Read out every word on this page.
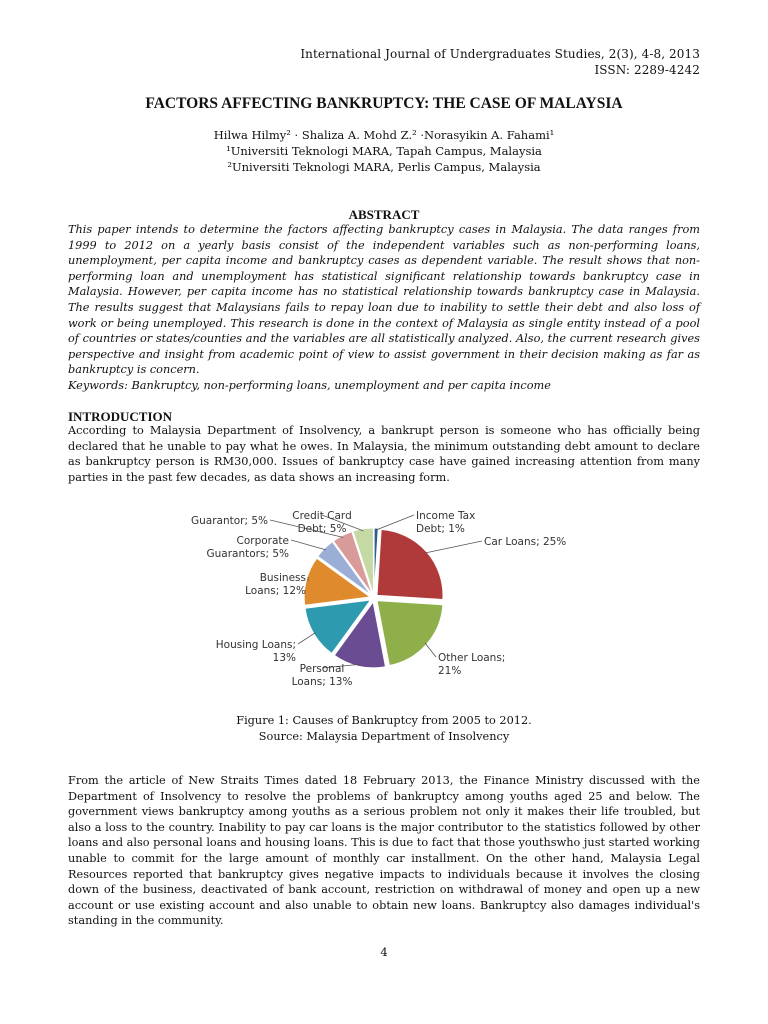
International Journal of Undergraduates Studies, 2(3), 4-8, 2013
ISSN: 2289-4242
FACTORS AFFECTING BANKRUPTCY: THE CASE OF MALAYSIA
Hilwa Hilmy² · Shaliza A. Mohd Z.² ·Norasyikin A. Fahami¹
¹Universiti Teknologi MARA, Tapah Campus, Malaysia
²Universiti Teknologi MARA, Perlis Campus, Malaysia
ABSTRACT

This paper intends to determine the factors affecting bankruptcy cases in Malaysia. The data ranges from 1999 to 2012 on a yearly basis consist of the independent variables such as non-performing loans, unemployment, per capita income and bankruptcy cases as dependent variable. The result shows that non-performing loan and unemployment has statistical significant relationship towards bankruptcy case in Malaysia. However, per capita income has no statistical relationship towards bankruptcy case in Malaysia. The results suggest that Malaysians fails to repay loan due to inability to settle their debt and also loss of work or being unemployed. This research is done in the context of Malaysia as single entity instead of a pool of countries or states/counties and the variables are all statistically analyzed. Also, the current research gives perspective and insight from academic point of view to assist government in their decision making as far as bankruptcy is concern.

Keywords: Bankruptcy, non-performing loans, unemployment and per capita income

INTRODUCTION

According to Malaysia Department of Insolvency, a bankrupt person is someone who has officially being declared that he unable to pay what he owes. In Malaysia, the minimum outstanding debt amount to declare as bankruptcy person is RM30,000. Issues of bankruptcy case have gained increasing attention from many parties in the past few decades, as data shows an increasing form.

Income Tax Debt; 1%
Car Loans; 25%
Other Loans; 21%
Personal Loans; 13%
Housing Loans; 13%
Business Loans; 12%
Corporate Guarantors; 5%
Guarantor; 5% Credit Card Debt; 5%
Figure 1: Causes of Bankruptcy from 2005 to 2012.
Source: Malaysia Department of Insolvency

From the article of New Straits Times dated 18 February 2013, the Finance Ministry discussed with the Department of Insolvency to resolve the problems of bankruptcy among youths aged 25 and below. The government views bankruptcy among youths as a serious problem not only it makes their life troubled, but also a loss to the country. Inability to pay car loans is the major contributor to the statistics followed by other loans and also personal loans and housing loans. This is due to fact that those youthswho just started working unable to commit for the large amount of monthly car installment. On the other hand, Malaysia Legal Resources reported that bankruptcy gives negative impacts to individuals because it involves the closing down of the business, deactivated of bank account, restriction on withdrawal of money and open up a new account or use existing account and also unable to obtain new loans. Bankruptcy also damages individual's standing in the community.

4
